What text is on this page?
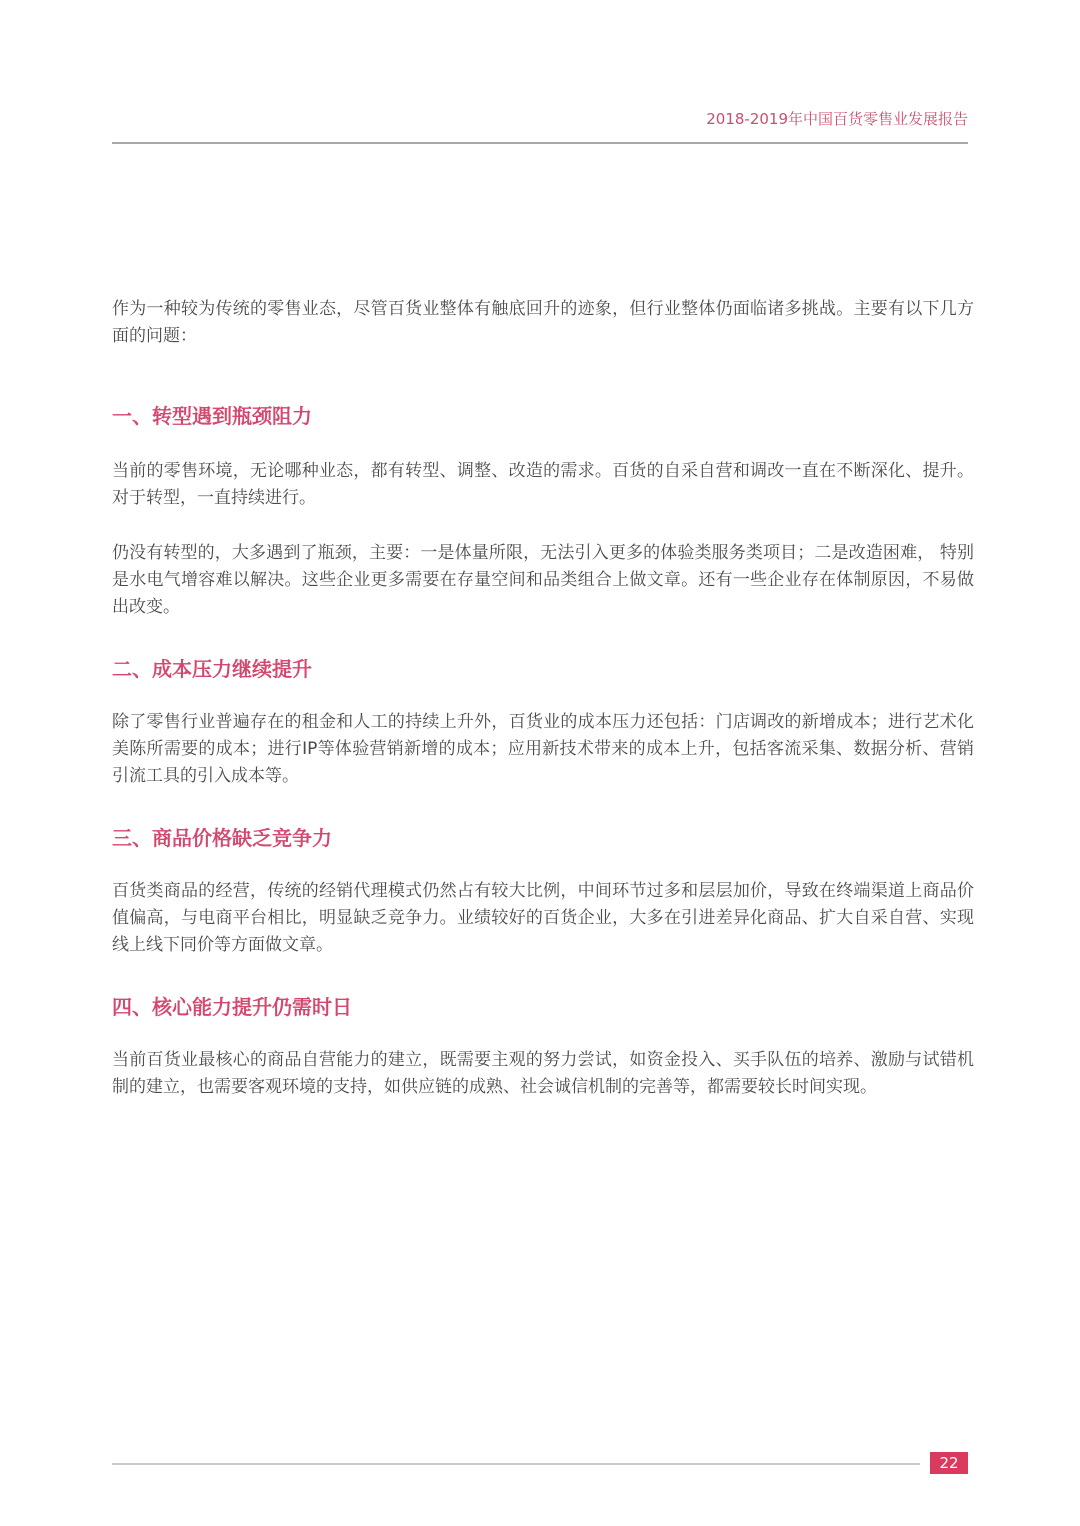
2018-2019年中国百货零售业发展报告

作为一种较为传统的零售业态，尽管百货业整体有触底回升的迹象，但行业整体仍面临诸多挑战。主要有以下几方面的问题：

一、转型遇到瓶颈阻力

当前的零售环境，无论哪种业态，都有转型、调整、改造的需求。百货的自采自营和调改一直在不断深化、提升。对于转型，一直持续进行。

仍没有转型的，大多遇到了瓶颈，主要：一是体量所限，无法引入更多的体验类服务类项目；二是改造困难， 特别是水电气增容难以解决。这些企业更多需要在存量空间和品类组合上做文章。还有一些企业存在体制原因，不易做出改变。

二、成本压力继续提升

除了零售行业普遍存在的租金和人工的持续上升外，百货业的成本压力还包括：门店调改的新增成本；进行艺术化美陈所需要的成本；进行IP等体验营销新增的成本；应用新技术带来的成本上升，包括客流采集、数据分析、营销引流工具的引入成本等。

三、商品价格缺乏竞争力

百货类商品的经营，传统的经销代理模式仍然占有较大比例，中间环节过多和层层加价，导致在终端渠道上商品价值偏高，与电商平台相比，明显缺乏竞争力。业绩较好的百货企业，大多在引进差异化商品、扩大自采自营、实现线上线下同价等方面做文章。

四、核心能力提升仍需时日

当前百货业最核心的商品自营能力的建立，既需要主观的努力尝试，如资金投入、买手队伍的培养、激励与试错机制的建立，也需要客观环境的支持，如供应链的成熟、社会诚信机制的完善等，都需要较长时间实现。

22
